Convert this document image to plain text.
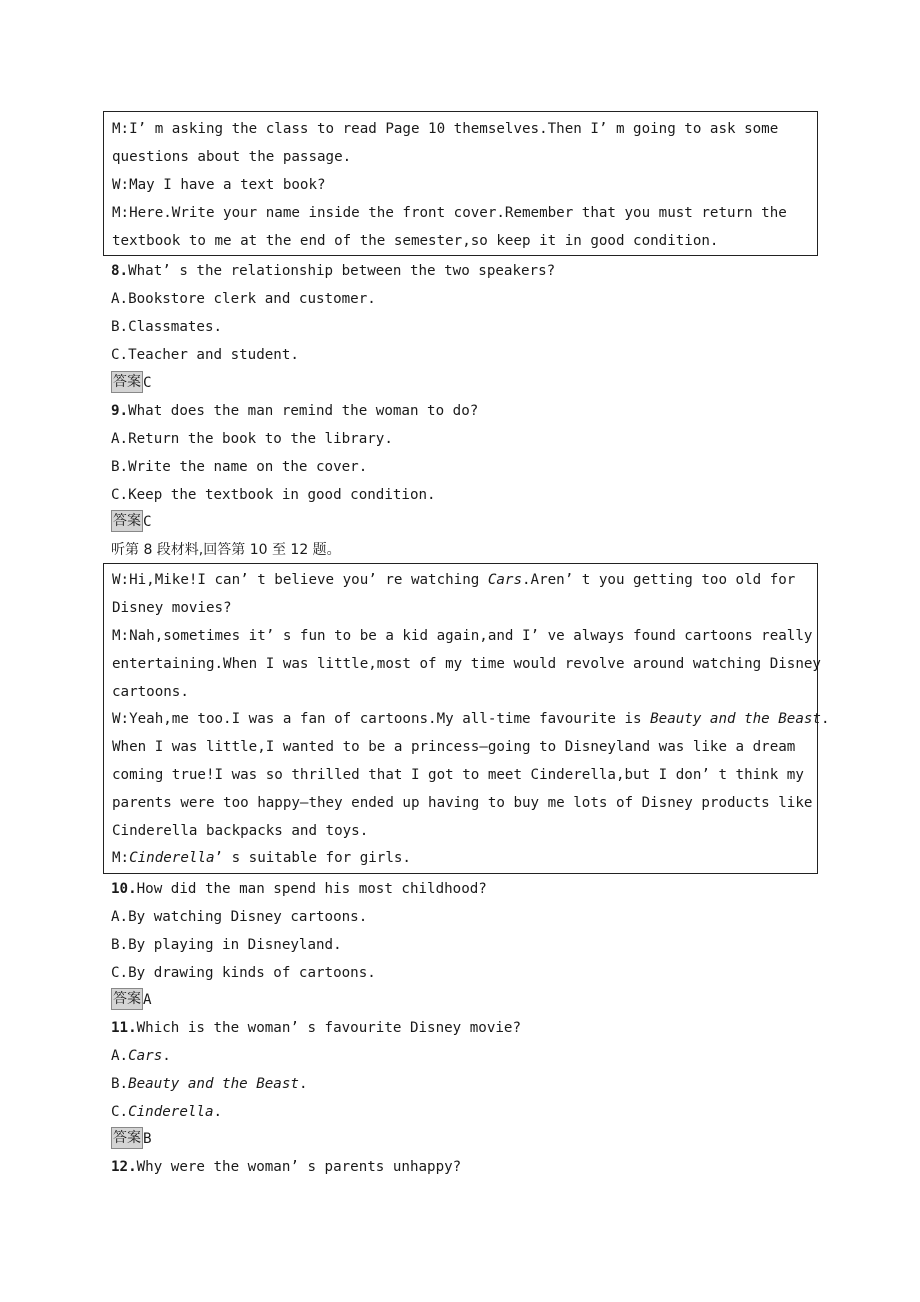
M:I’ m asking the class to read Page 10 themselves.Then I’ m going to ask some
questions about the passage.
W:May I have a text book?
M:Here.Write your name inside the front cover.Remember that you must return the
textbook to me at the end of the semester,so keep it in good condition.
8.What’ s the relationship between the two speakers?
A.Bookstore clerk and customer.
B.Classmates.
C.Teacher and student.
答案 C
9.What does the man remind the woman to do?
A.Return the book to the library.
B.Write the name on the cover.
C.Keep the textbook in good condition.
答案 C
听第 8 段材料,回答第 10 至 12 题。
W:Hi,Mike!I can’ t believe you’ re watching Cars.Aren’ t you getting too old for
Disney movies?
M:Nah,sometimes it’ s fun to be a kid again,and I’ ve always found cartoons really
entertaining.When I was little,most of my time would revolve around watching Disney
cartoons.
W:Yeah,me too.I was a fan of cartoons.My all-time favourite is Beauty and the Beast.
When I was little,I wanted to be a princess—going to Disneyland was like a dream
coming true!I was so thrilled that I got to meet Cinderella,but I don’ t think my
parents were too happy—they ended up having to buy me lots of Disney products like
Cinderella backpacks and toys.
M:Cinderella’ s suitable for girls.
10.How did the man spend his most childhood?
A.By watching Disney cartoons.
B.By playing in Disneyland.
C.By drawing kinds of cartoons.
答案 A
11.Which is the woman’ s favourite Disney movie?
A.Cars.
B.Beauty and the Beast.
C.Cinderella.
答案 B
12.Why were the woman’ s parents unhappy?
